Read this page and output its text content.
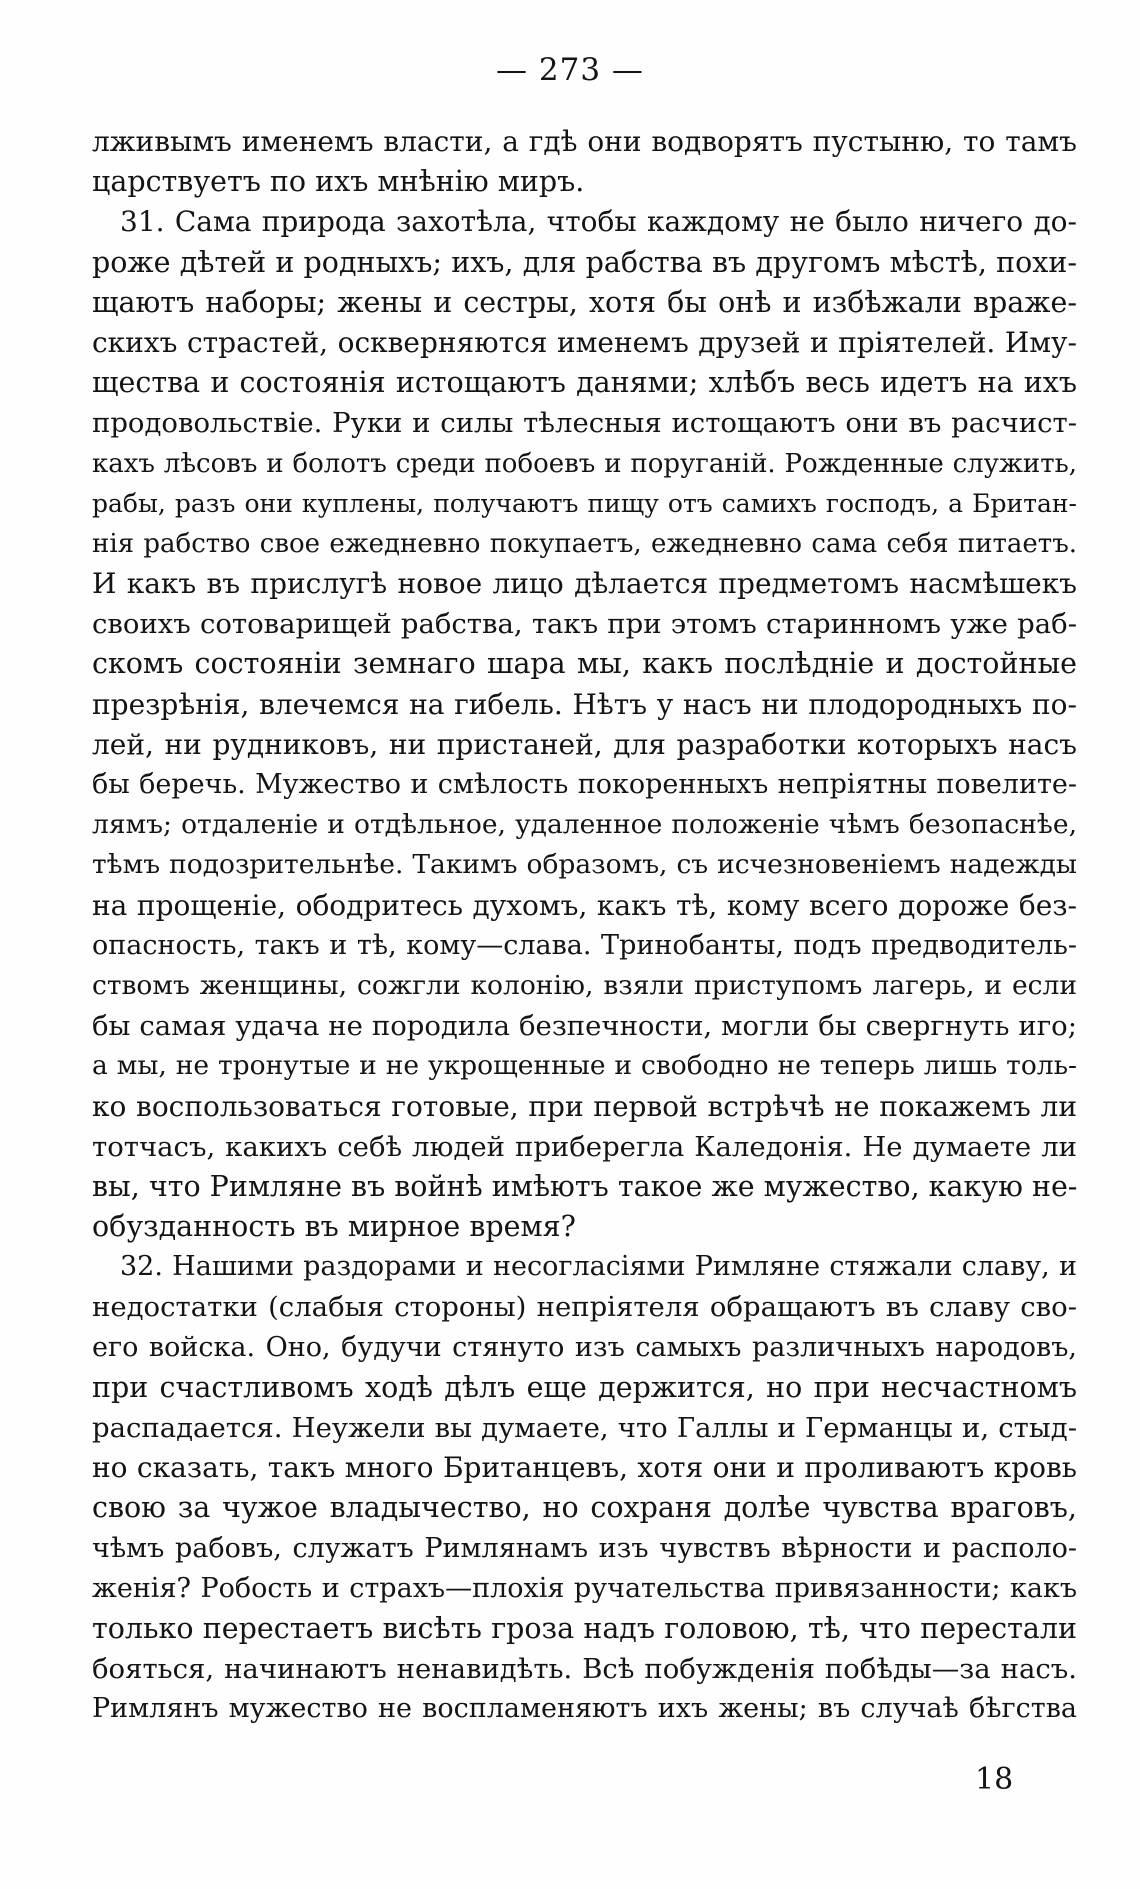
— 273 —
лживымъ именемъ власти, а гдѣ они водворятъ пустыню, то тамъ
царствуетъ по ихъ мнѣнію миръ.
31. Сама природа захотѣла, чтобы каждому не было ничего до-
роже дѣтей и родныхъ; ихъ, для рабства въ другомъ мѣстѣ, похи-
щаютъ наборы; жены и сестры, хотя бы онѣ и избѣжали враже-
скихъ страстей, оскверняются именемъ друзей и пріятелей. Иму-
щества и состоянія истощаютъ данями; хлѣбъ весь идетъ на ихъ
продовольствіе. Руки и силы тѣлесныя истощаютъ они въ расчист-
кахъ лѣсовъ и болотъ среди побоевъ и поруганій. Рожденные служить,
рабы, разъ они куплены, получаютъ пищу отъ самихъ господъ, а Британ-
нія рабство свое ежедневно покупаетъ, ежедневно сама себя питаетъ.
И какъ въ прислугѣ новое лицо дѣлается предметомъ насмѣшекъ
своихъ сотоварищей рабства, такъ при этомъ старинномъ уже раб-
скомъ состояніи земнаго шара мы, какъ послѣдніе и достойные
презрѣнія, влечемся на гибель. Нѣтъ у насъ ни плодородныхъ по-
лей, ни рудниковъ, ни пристаней, для разработки которыхъ насъ
бы беречь. Мужество и смѣлость покоренныхъ непріятны повелите-
лямъ; отдаленіе и отдѣльное, удаленное положеніе чѣмъ безопаснѣе,
тѣмъ подозрительнѣе. Такимъ образомъ, съ исчезновеніемъ надежды
на прощеніе, ободритесь духомъ, какъ тѣ, кому всего дороже без-
опасность, такъ и тѣ, кому—слава. Тринобанты, подъ предводитель-
ствомъ женщины, сожгли колонію, взяли приступомъ лагерь, и если
бы самая удача не породила безпечности, могли бы свергнуть иго;
а мы, не тронутые и не укрощенные и свободно не теперь лишь толь-
ко воспользоваться готовые, при первой встрѣчѣ не покажемъ ли
тотчасъ, какихъ себѣ людей приберегла Каледонія. Не думаете ли
вы, что Римляне въ войнѣ имѣютъ такое же мужество, какую не-
обузданность въ мирное время?
32. Нашими раздорами и несогласіями Римляне стяжали славу, и
недостатки (слабыя стороны) непріятеля обращаютъ въ славу сво-
его войска. Оно, будучи стянуто изъ самыхъ различныхъ народовъ,
при счастливомъ ходѣ дѣлъ еще держится, но при несчастномъ
распадается. Неужели вы думаете, что Галлы и Германцы и, стыд-
но сказать, такъ много Британцевъ, хотя они и проливаютъ кровь
свою за чужое владычество, но сохраня долѣе чувства враговъ,
чѣмъ рабовъ, служатъ Римлянамъ изъ чувствъ вѣрности и располо-
женія? Робость и страхъ—плохія ручательства привязанности; какъ
только перестаетъ висѣть гроза надъ головою, тѣ, что перестали
бояться, начинаютъ ненавидѣть. Всѣ побужденія побѣды—за насъ.
Римлянъ мужество не воспламеняютъ ихъ жены; въ случаѣ бѣгства
18
